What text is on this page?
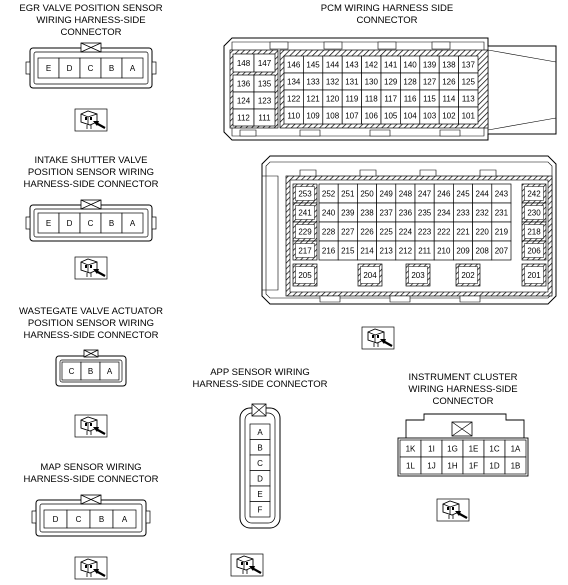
EGR VALVE POSITION SENSOR
WIRING HARNESS-SIDE
CONNECTOR
E D C B A
INTAKE SHUTTER VALVE
POSITION SENSOR WIRING
HARNESS-SIDE CONNECTOR
E D C B A
WASTEGATE VALVE ACTUATOR
POSITION SENSOR WIRING
HARNESS-SIDE CONNECTOR
C B A
MAP SENSOR WIRING
HARNESS-SIDE CONNECTOR
D C B A
PCM WIRING HARNESS SIDE
CONNECTOR
148 147
136 135
124 123
112 111
146 145 144 143 142 141 140 139 138 137
134 133 132 131 130 129 128 127 126 125
122 121 120 119 118 117 116 115 114 113
110 109 108 107 106 105 104 103 102 101
253
241
229
217
242
230
218
206
252 251 250 249 248 247 246 245 244 243
240 239 238 237 236 235 234 233 232 231
228 227 226 225 224 223 222 221 220 219
216 215 214 213 212 211 210 209 208 207
205	204	203	202	201
APP SENSOR WIRING
HARNESS-SIDE CONNECTOR
A
B
C
D
E
F
INSTRUMENT CLUSTER
WIRING HARNESS-SIDE
CONNECTOR
1K 1I 1G 1E 1C 1A
1L 1J 1H 1F 1D 1B
